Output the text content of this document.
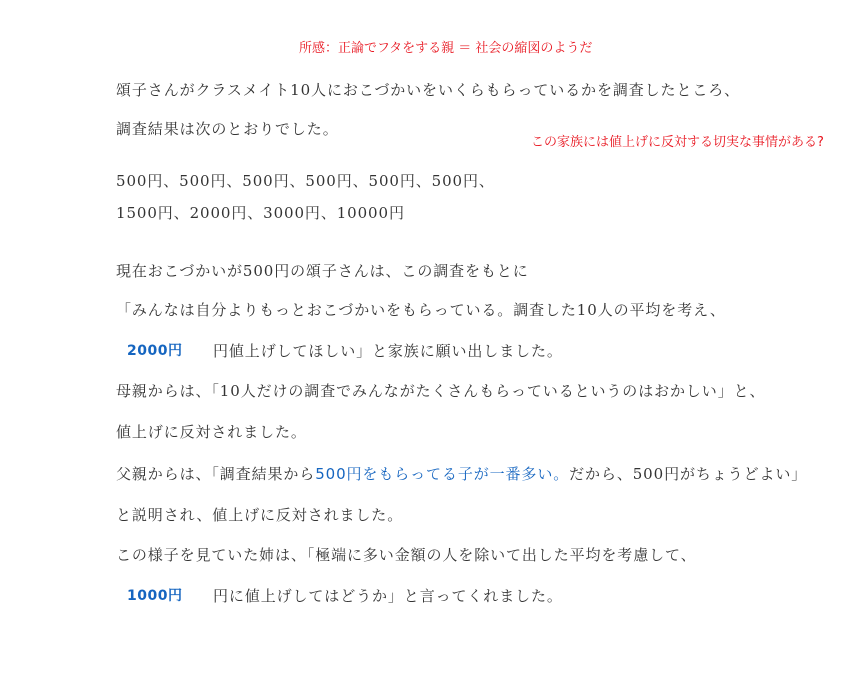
所感：正論でフタをする親 ＝ 社会の縮図のようだ
この家族には値上げに反対する切実な事情がある?
頌子さんがクラスメイト10人におこづかいをいくらもらっているかを調査したところ、
調査結果は次のとおりでした。
500円、500円、500円、500円、500円、500円、
1500円、2000円、3000円、10000円
現在おこづかいが500円の頌子さんは、この調査をもとに
「みんなは自分よりもっとおこづかいをもらっている。調査した10人の平均を考え、
2000円 円値上げしてほしい」と家族に願い出しました。
母親からは、「10人だけの調査でみんながたくさんもらっているというのはおかしい」と、
値上げに反対されました。
父親からは、「調査結果から500円をもらってる子が一番多い。だから、500円がちょうどよい」
と説明され、値上げに反対されました。
この様子を見ていた姉は、「極端に多い金額の人を除いて出した平均を考慮して、
1000円 円に値上げしてはどうか」と言ってくれました。
